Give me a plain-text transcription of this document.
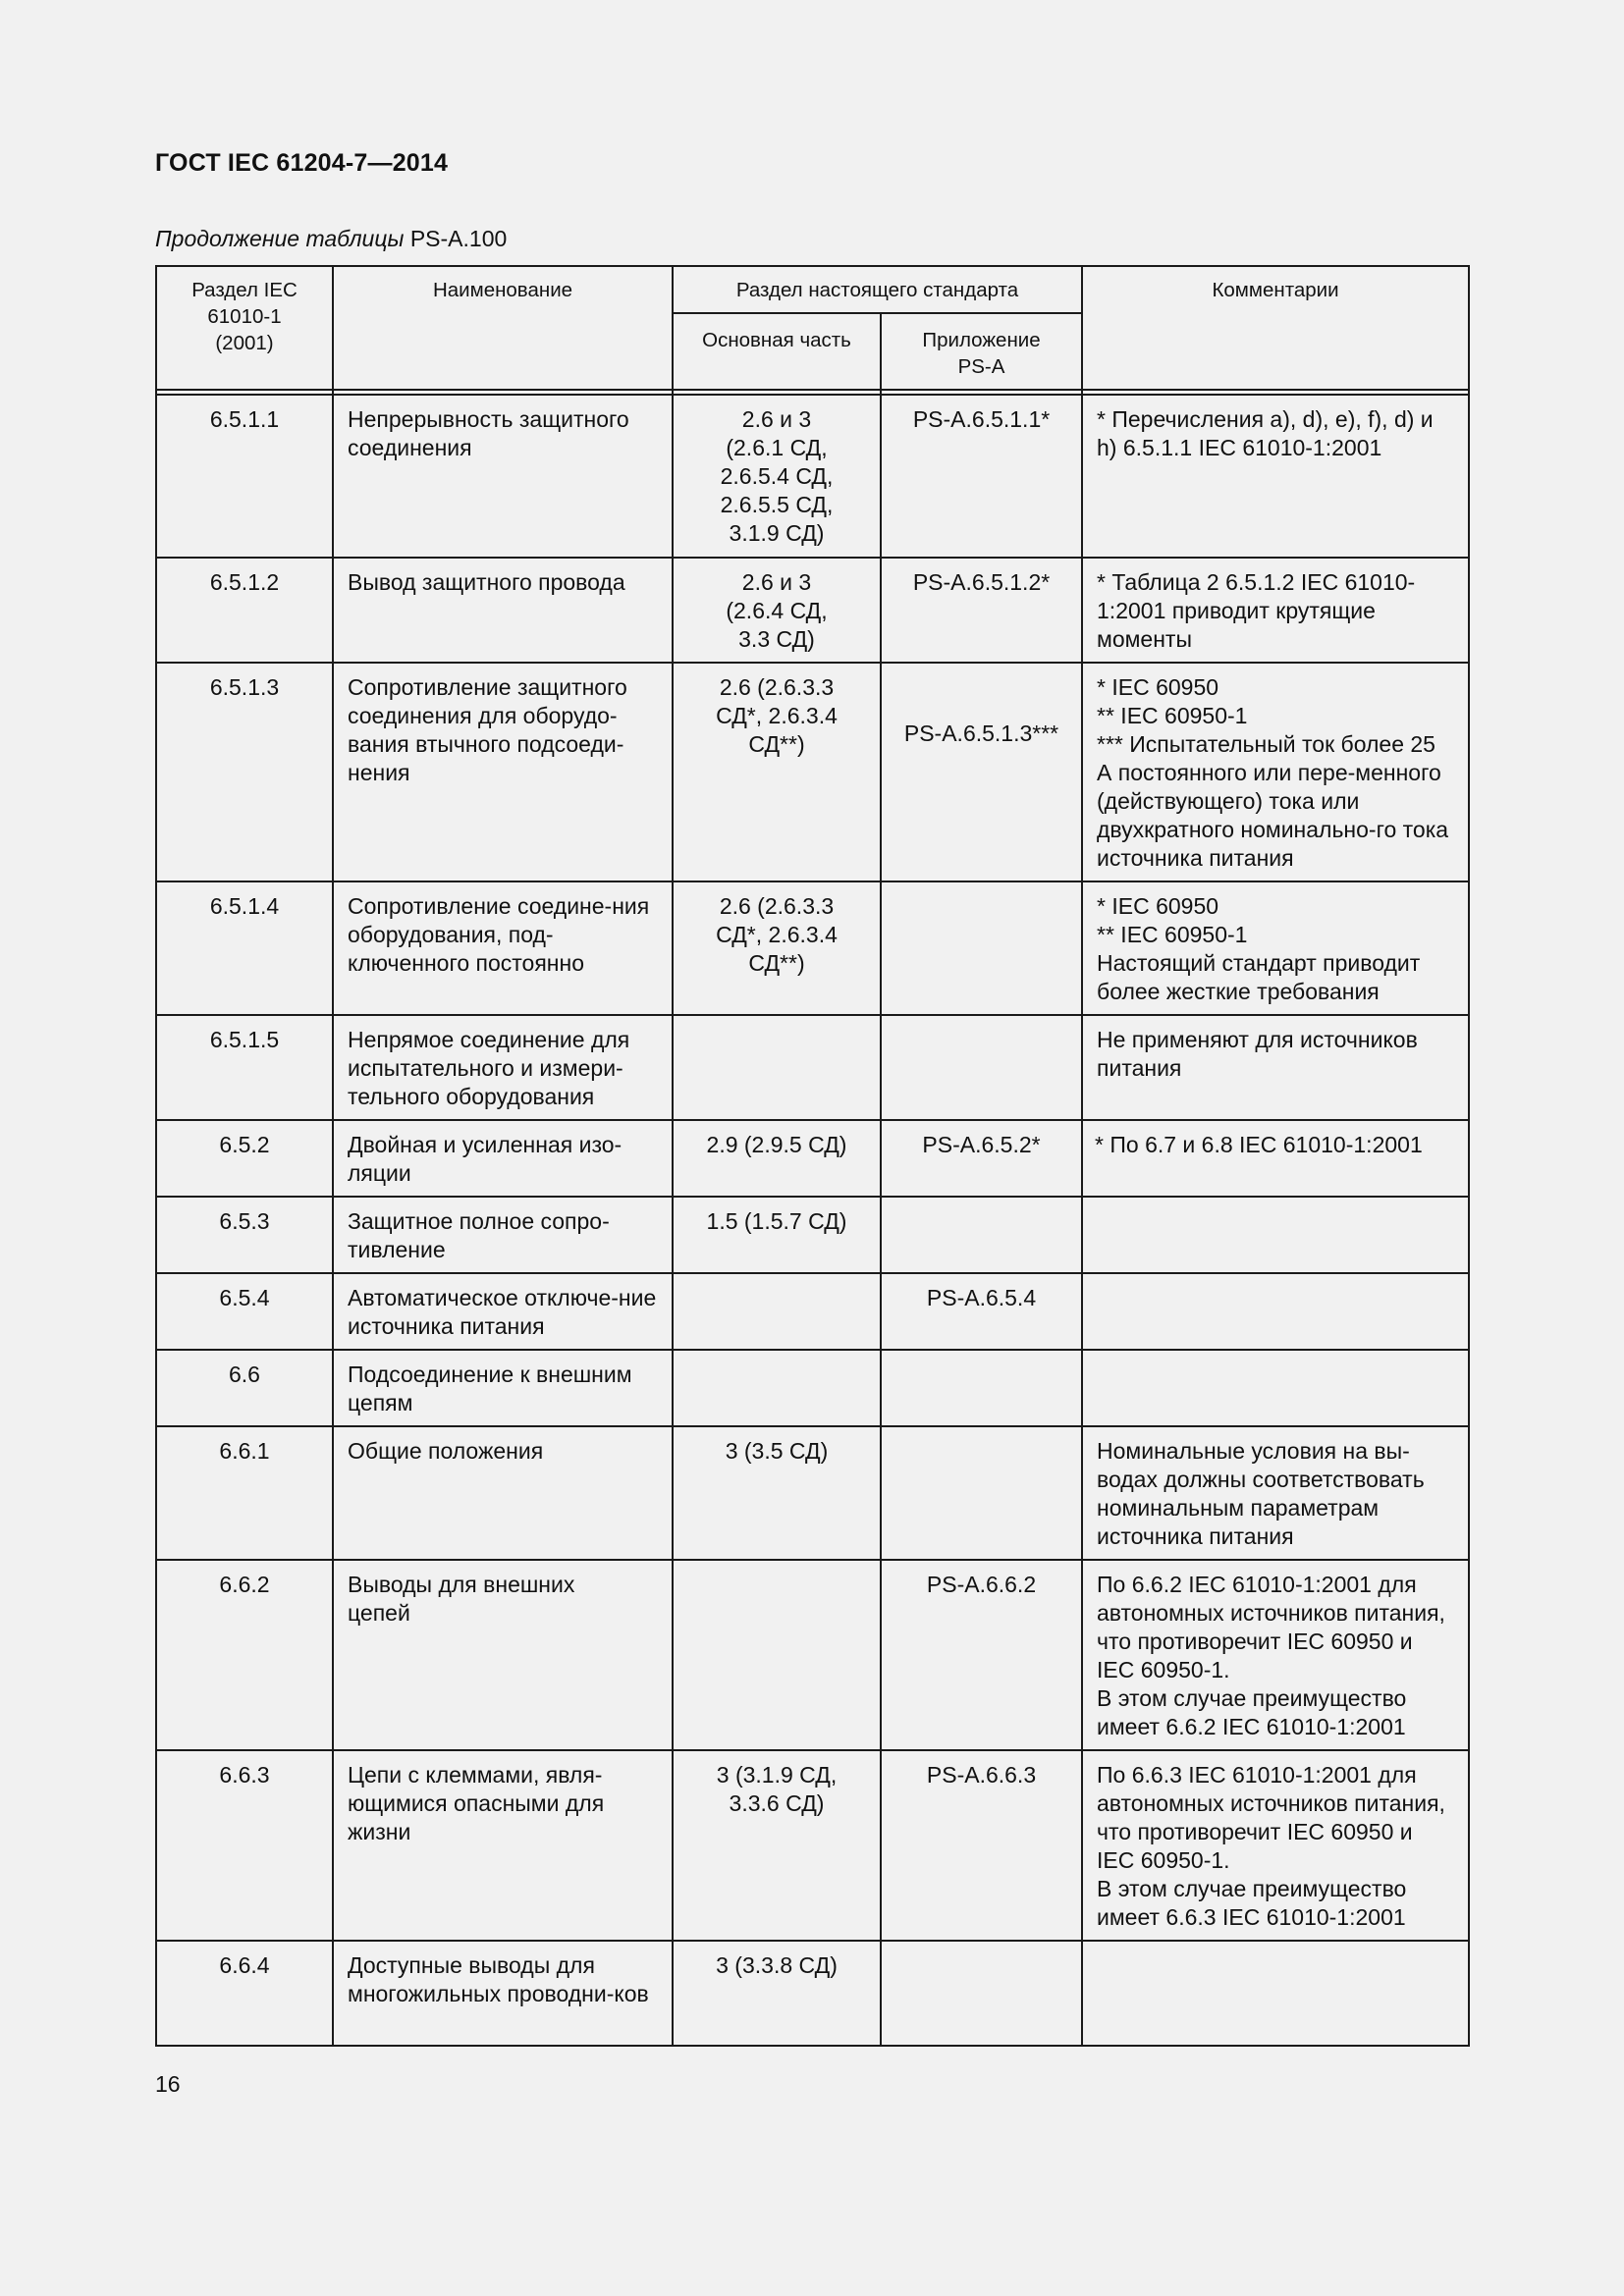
ГОСТ IEC 61204-7—2014
Продолжение таблицы PS-A.100
Раздел IEC 61010-1 (2001)	Наименование	Раздел настоящего стандарта		Комментарии
		Основная часть	Приложение PS-A	

6.5.1.1	Непрерывность защитного соединения	2.6 и 3 (2.6.1 СД, 2.6.5.4 СД, 2.6.5.5 СД, 3.1.9 СД)	PS-A.6.5.1.1*	* Перечисления a), d), e), f), d) и h) 6.5.1.1 IEC 61010-1:2001
6.5.1.2	Вывод защитного провода	2.6 и 3 (2.6.4 СД, 3.3 СД)	PS-A.6.5.1.2*	* Таблица 2 6.5.1.2 IEC 61010-1:2001 приводит крутящие моменты
6.5.1.3	Сопротивление защитного соединения для оборудо-вания втычного подсоеди-нения	2.6 (2.6.3.3 СД*, 2.6.3.4 СД**)	PS-A.6.5.1.3***	* IEC 60950
** IEC 60950-1
*** Испытательный ток более 25 А постоянного или пере-менного (действующего) тока или двухкратного номинально-го тока источника питания
6.5.1.4	Сопротивление соедине-ния оборудования, под-ключенного постоянно	2.6 (2.6.3.3 СД*, 2.6.3.4 СД**)		* IEC 60950
** IEC 60950-1
Настоящий стандарт приводит более жесткие требования
6.5.1.5	Непрямое соединение для испытательного и измери-тельного оборудования			Не применяют для источников питания
6.5.2	Двойная и усиленная изо-ляции	2.9 (2.9.5 СД)	PS-A.6.5.2*	* По 6.7 и 6.8 IEC 61010-1:2001
6.5.3	Защитное полное сопро-тивление	1.5 (1.5.7 СД)		
6.5.4	Автоматическое отключе-ние источника питания		PS-A.6.5.4	
6.6	Подсоединение к внешним цепям			
6.6.1	Общие положения	3 (3.5 СД)		Номинальные условия на вы-водах должны соответствовать номинальным параметрам источника питания
6.6.2	Выводы для внешних цепей		PS-A.6.6.2	По 6.6.2 IEC 61010-1:2001 для автономных источников питания, что противоречит IEC 60950 и IEC 60950-1.
В этом случае преимущество имеет 6.6.2 IEC 61010-1:2001
6.6.3	Цепи с клеммами, явля-ющимися опасными для жизни	3 (3.1.9 СД, 3.3.6 СД)	PS-A.6.6.3	По 6.6.3 IEC 61010-1:2001 для автономных источников питания, что противоречит IEC 60950 и IEC 60950-1.
В этом случае преимущество имеет 6.6.3 IEC 61010-1:2001
6.6.4	Доступные выводы для многожильных проводни-ков	3 (3.3.8 СД)		
16
